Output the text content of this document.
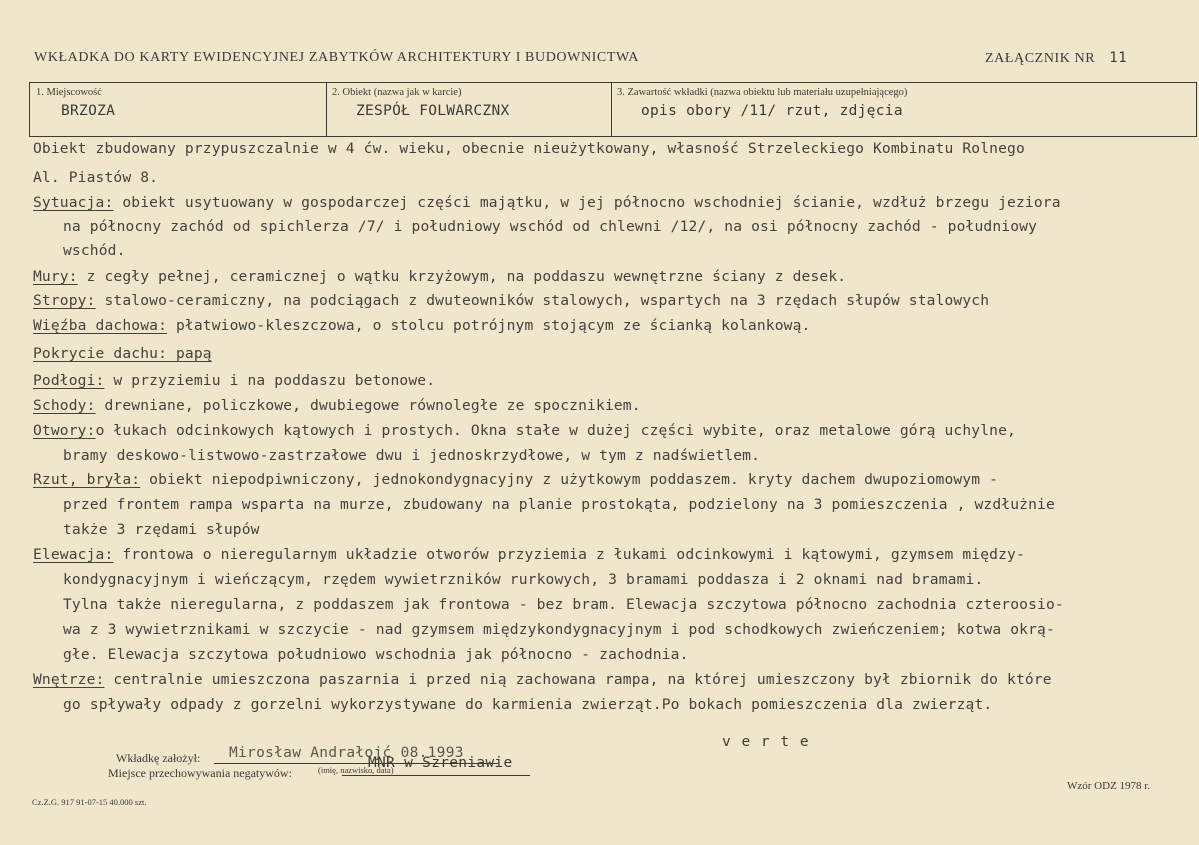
WKŁADKA DO KARTY EWIDENCYJNEJ ZABYTKÓW ARCHITEKTURY I BUDOWNICTWA	ZAŁĄCZNIK NR 11
1. Miejscowość
BRZOZA
2. Obiekt (nazwa jak w karcie)
ZESPÓŁ FOLWARCZNX
3. Zawartość wkładki (nazwa obiektu lub materiału uzupełniającego)
opis obory /11/ rzut, zdjęcia
Obiekt zbudowany przypuszczalnie w 4 ćw. wieku, obecnie nieużytkowany, własność Strzeleckiego Kombinatu Rolnego
Al. Piastów 8.
Sytuacja: obiekt usytuowany w gospodarczej części majątku, w jej północno wschodniej ścianie, wzdłuż brzegu jeziora
na północny zachód od spichlerza /7/ i południowy wschód od chlewni /12/, na osi północny zachód - południowy
wschód.
Mury: z cegły pełnej, ceramicznej o wątku krzyżowym, na poddaszu wewnętrzne ściany z desek.
Stropy: stalowo-ceramiczny, na podciągach z dwuteowników stalowych, wspartych na 3 rzędach słupów stalowych
Więźba dachowa: płatwiowo-kleszczowa, o stolcu potrójnym stojącym ze ścianką kolankową.
Pokrycie dachu: papą
Podłogi: w przyziemiu i na poddaszu betonowe.
Schody: drewniane, policzkowe, dwubiegowe równoległe ze spocznikiem.
Otwory:o łukach odcinkowych kątowych i prostych. Okna stałe w dużej części wybite, oraz metalowe górą uchylne,
bramy deskowo-listwowo-zastrzałowe dwu i jednoskrzydłowe, w tym z nadświetlem.
Rzut, bryła: obiekt niepodpiwniczony, jednokondygnacyjny z użytkowym poddaszem. kryty dachem dwupoziomowym -
przed frontem rampa wsparta na murze, zbudowany na planie prostokąta, podzielony na 3 pomieszczenia , wzdłużnie
także 3 rzędami słupów
Elewacja: frontowa o nieregularnym układzie otworów przyziemia z łukami odcinkowymi i kątowymi, gzymsem między-
kondygnacyjnym i wieńczącym, rzędem wywietrzników rurkowych, 3 bramami poddasza i 2 oknami nad bramami.
Tylna także nieregularna, z poddaszem jak frontowa - bez bram. Elewacja szczytowa północno zachodnia czteroosio-
wa z 3 wywietrznikami w szczycie - nad gzymsem międzykondygnacyjnym i pod schodkowych zwieńczeniem; kotwa okrą-
głe. Elewacja szczytowa południowo wschodnia jak północno - zachodnia.
Wnętrze: centralnie umieszczona paszarnia i przed nią zachowana rampa, na której umieszczony był zbiornik do które
go spływały odpady z gorzelni wykorzystywane do karmienia zwierząt.Po bokach pomieszczenia dla zwierząt.
Wkładkę założył: Mirosław Andrałojć 08.1993
(imię, nazwisko, data)
v e r t e
Miejsce przechowywania negatywów:
MNR w Szreniawie
Cz.Z.G. 917 91-07-15 40.000 szt.
Wzór ODZ 1978 r.
